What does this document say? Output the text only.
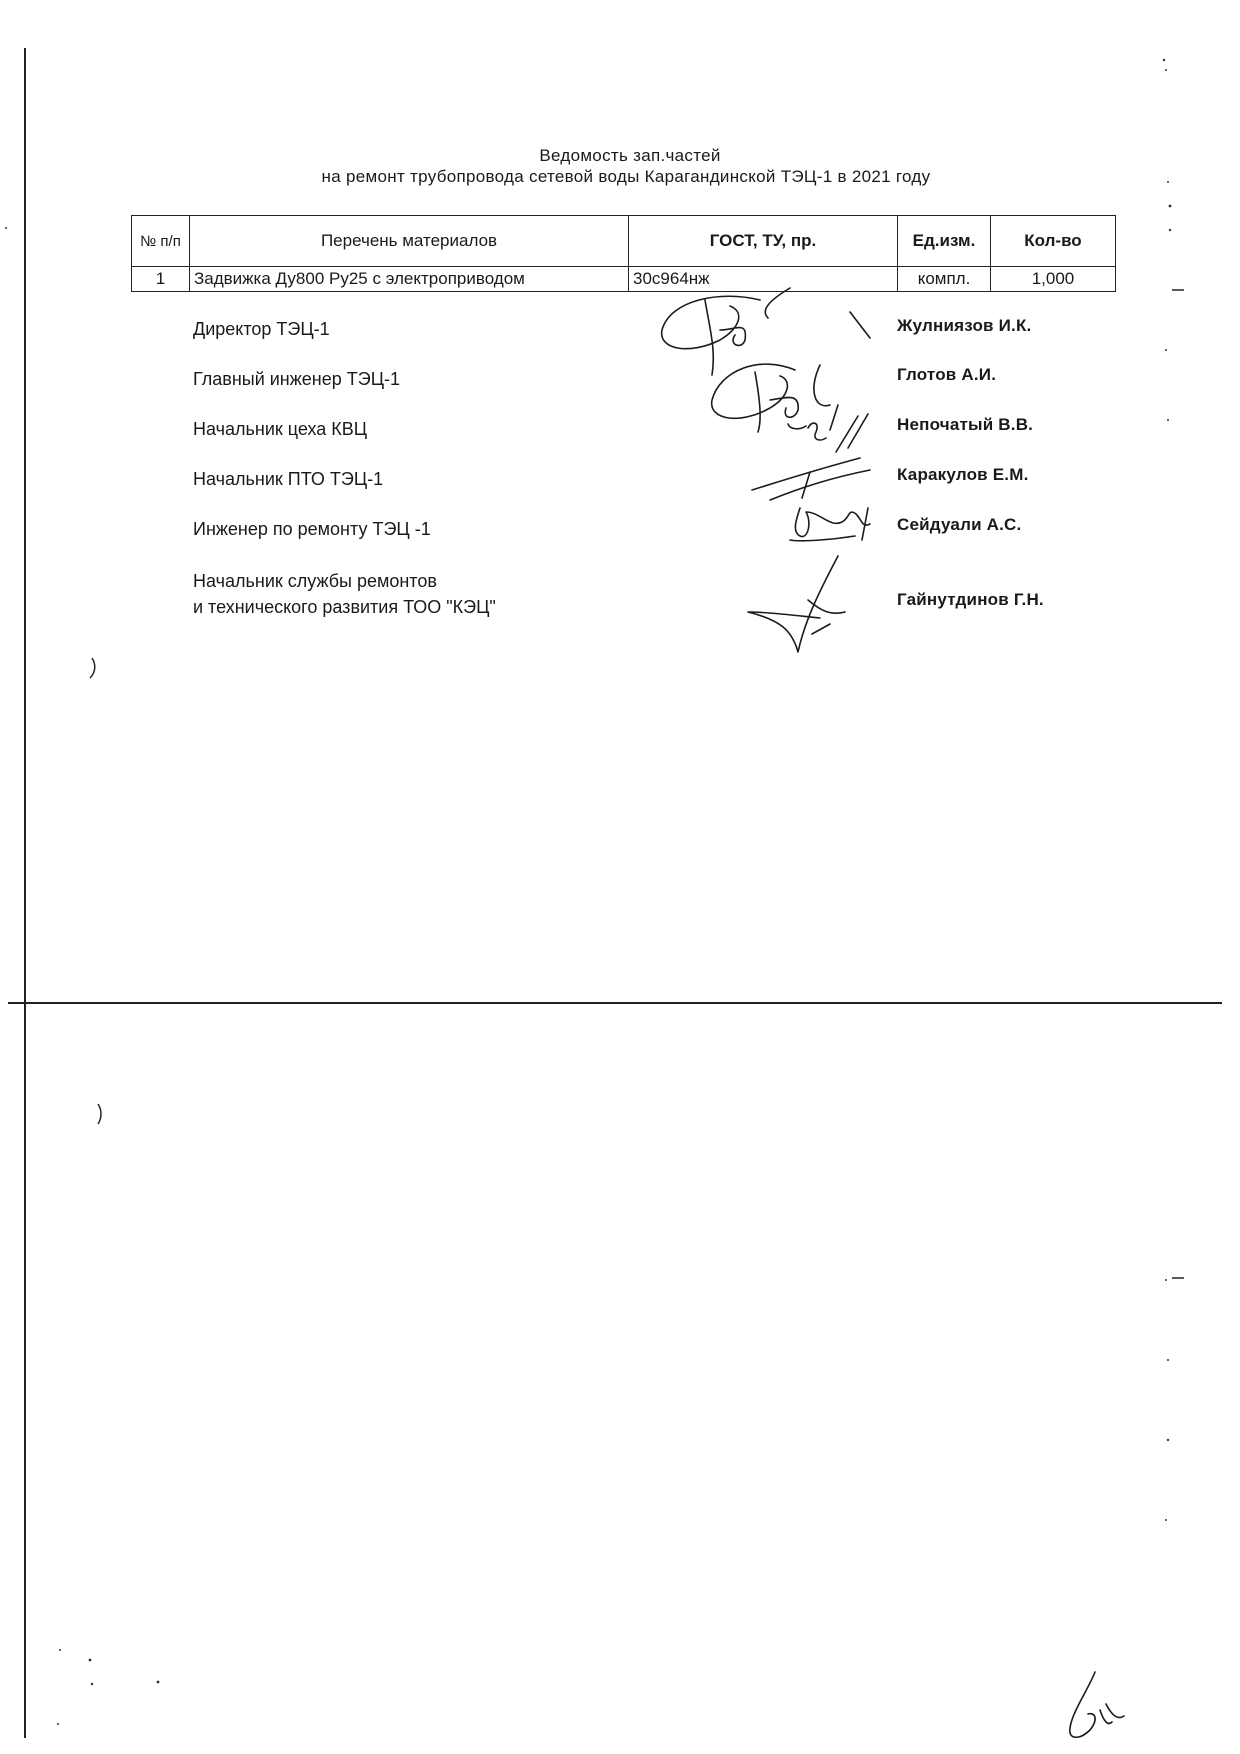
Ведомость зап.частей
на ремонт трубопровода сетевой воды Карагандинской ТЭЦ-1 в 2021 году
№ п/п	Перечень материалов	ГОСТ, ТУ, пр.	Ед.изм.	Кол-во
1	Задвижка Ду800 Ру25 с электроприводом	30с964нж	компл.	1,000
Директор ТЭЦ-1	Жулниязов И.К.
Главный инженер ТЭЦ-1	Глотов А.И.
Начальник цеха КВЦ	Непочатый В.В.
Начальник ПТО ТЭЦ-1	Каракулов Е.М.
Инженер по ремонту ТЭЦ -1	Сейдуали А.С.
Начальник службы ремонтов
и технического развития ТОО "КЭЦ"	Гайнутдинов Г.Н.
